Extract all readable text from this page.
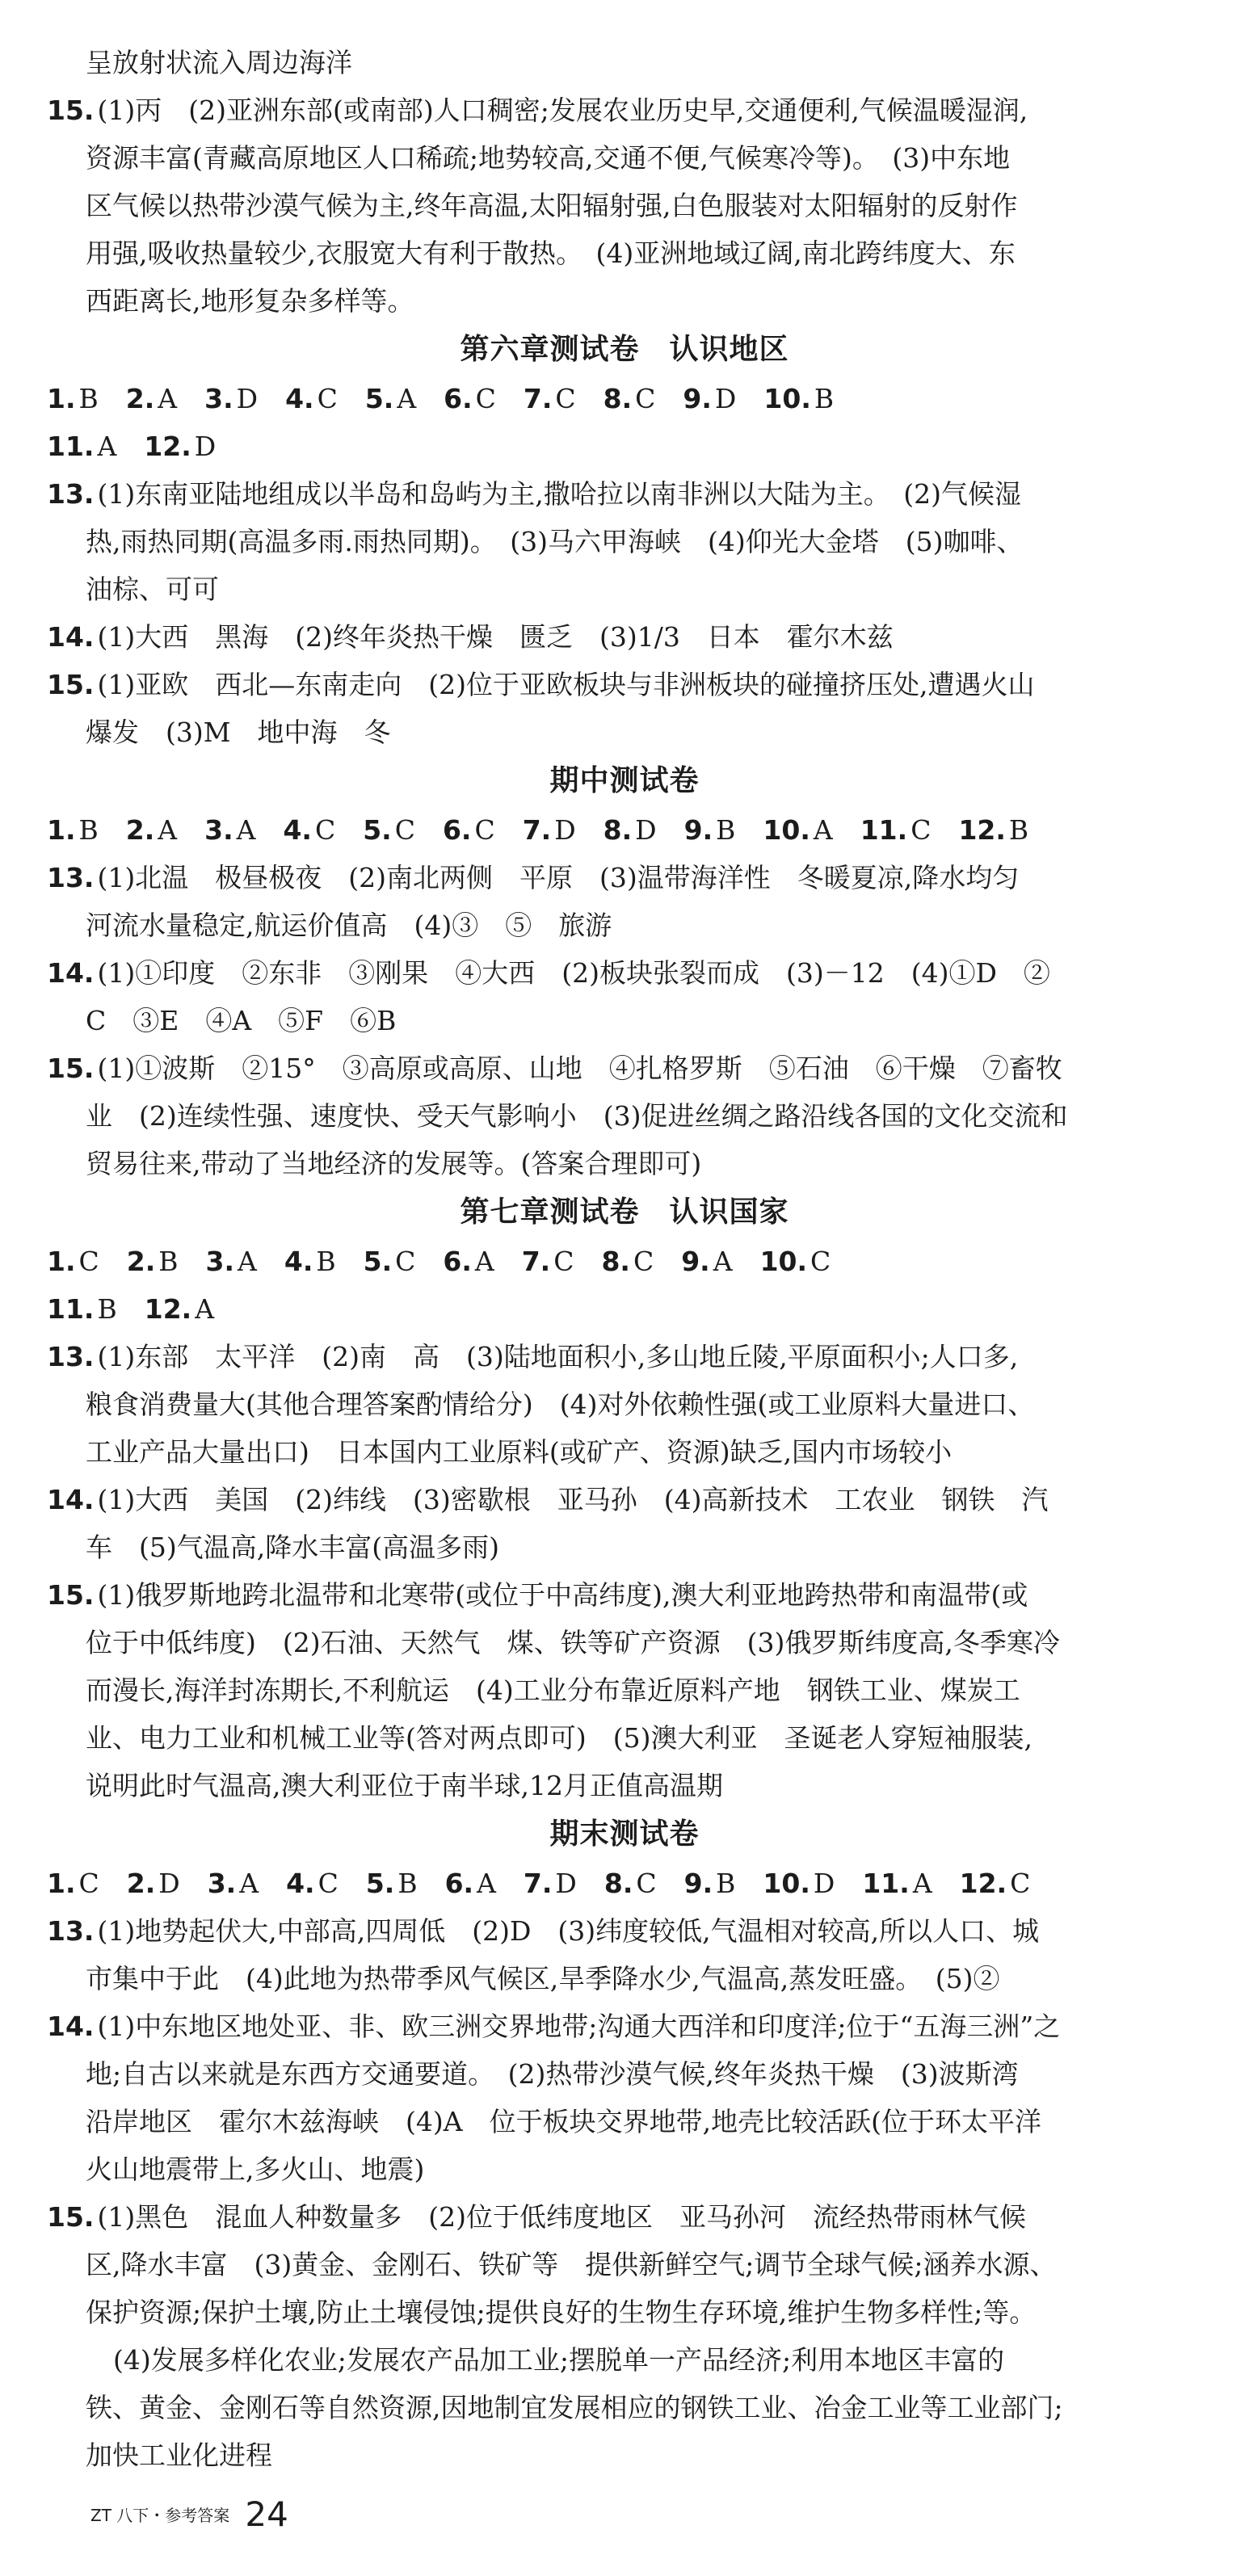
呈放射状流入周边海洋
15. (1)丙　(2)亚洲东部(或南部)人口稠密;发展农业历史早,交通便利,气候温暖湿润,
资源丰富(青藏高原地区人口稀疏;地势较高,交通不便,气候寒冷等)。　(3)中东地
区气候以热带沙漠气候为主,终年高温,太阳辐射强,白色服装对太阳辐射的反射作
用强,吸收热量较少,衣服宽大有利于散热。　(4)亚洲地域辽阔,南北跨纬度大、东
西距离长,地形复杂多样等。
第六章测试卷　认识地区
1. B 2. A 3. D 4. C 5. A 6. C 7. C 8. C 9. D 10. B
11. A 12. D
13. (1)东南亚陆地组成以半岛和岛屿为主,撒哈拉以南非洲以大陆为主。　(2)气候湿
热,雨热同期(高温多雨.雨热同期)。　(3)马六甲海峡　(4)仰光大金塔　(5)咖啡、
油棕、可可
14. (1)大西　黑海　(2)终年炎热干燥　匮乏　(3)1/3　日本　霍尔木兹
15. (1)亚欧　西北—东南走向　(2)位于亚欧板块与非洲板块的碰撞挤压处,遭遇火山
爆发　(3)M　地中海　冬
期中测试卷
1. B 2. A 3. A 4. C 5. C 6. C 7. D 8. D 9. B 10. A 11. C 12. B
13. (1)北温　极昼极夜　(2)南北两侧　平原　(3)温带海洋性　冬暖夏凉,降水均匀
河流水量稳定,航运价值高　(4)③　⑤　旅游
14. (1)①印度　②东非　③刚果　④大西　(2)板块张裂而成　(3)－12　(4)①D　②
C　③E　④A　⑤F　⑥B
15. (1)①波斯　②15°　③高原或高原、山地　④扎格罗斯　⑤石油　⑥干燥　⑦畜牧
业　(2)连续性强、速度快、受天气影响小　(3)促进丝绸之路沿线各国的文化交流和
贸易往来,带动了当地经济的发展等。(答案合理即可)
第七章测试卷　认识国家
1. C 2. B 3. A 4. B 5. C 6. A 7. C 8. C 9. A 10. C
11. B 12. A
13. (1)东部　太平洋　(2)南　高　(3)陆地面积小,多山地丘陵,平原面积小;人口多,
粮食消费量大(其他合理答案酌情给分)　(4)对外依赖性强(或工业原料大量进口、
工业产品大量出口)　日本国内工业原料(或矿产、资源)缺乏,国内市场较小
14. (1)大西　美国　(2)纬线　(3)密歇根　亚马孙　(4)高新技术　工农业　钢铁　汽
车　(5)气温高,降水丰富(高温多雨)
15. (1)俄罗斯地跨北温带和北寒带(或位于中高纬度),澳大利亚地跨热带和南温带(或
位于中低纬度)　(2)石油、天然气　煤、铁等矿产资源　(3)俄罗斯纬度高,冬季寒冷
而漫长,海洋封冻期长,不利航运　(4)工业分布靠近原料产地　钢铁工业、煤炭工
业、电力工业和机械工业等(答对两点即可)　(5)澳大利亚　圣诞老人穿短袖服装,
说明此时气温高,澳大利亚位于南半球,12月正值高温期
期末测试卷
1. C 2. D 3. A 4. C 5. B 6. A 7. D 8. C 9. B 10. D 11. A 12. C
13. (1)地势起伏大,中部高,四周低　(2)D　(3)纬度较低,气温相对较高,所以人口、城
市集中于此　(4)此地为热带季风气候区,旱季降水少,气温高,蒸发旺盛。　(5)②
14. (1)中东地区地处亚、非、欧三洲交界地带;沟通大西洋和印度洋;位于“五海三洲”之
地;自古以来就是东西方交通要道。　(2)热带沙漠气候,终年炎热干燥　(3)波斯湾
沿岸地区　霍尔木兹海峡　(4)A　位于板块交界地带,地壳比较活跃(位于环太平洋
火山地震带上,多火山、地震)
15. (1)黑色　混血人种数量多　(2)位于低纬度地区　亚马孙河　流经热带雨林气候
区,降水丰富　(3)黄金、金刚石、铁矿等　提供新鲜空气;调节全球气候;涵养水源、
保护资源;保护土壤,防止土壤侵蚀;提供良好的生物生存环境,维护生物多样性;等。
(4)发展多样化农业;发展农产品加工业;摆脱单一产品经济;利用本地区丰富的
铁、黄金、金刚石等自然资源,因地制宜发展相应的钢铁工业、冶金工业等工业部门;
加快工业化进程
ZT 八下・参考答案 24
